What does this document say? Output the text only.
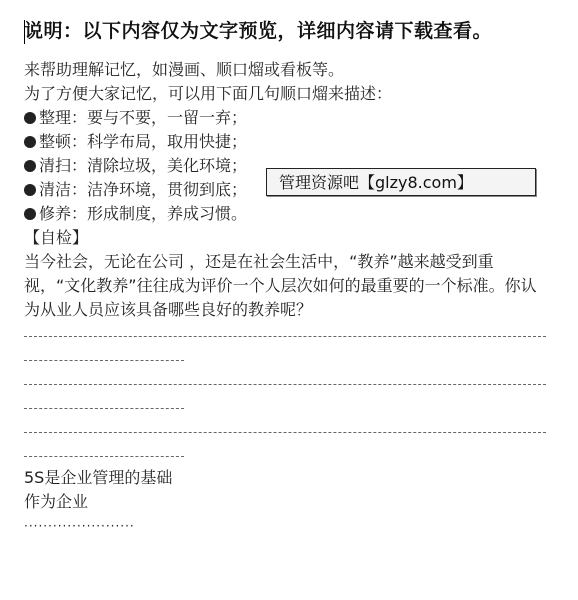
说明：以下内容仅为文字预览，详细内容请下载查看。
来帮助理解记忆，如漫画、顺口熘或看板等。
为了方便大家记忆，可以用下面几句顺口熘来描述：
整理：要与不要，一留一弃；
整顿：科学布局，取用快捷；
清扫：清除垃圾，美化环境；
清洁：洁净环境，贯彻到底；
修养：形成制度，养成习惯。
【自检】
当今社会，无论在公司 ，还是在社会生活中，“教养”越来越受到重视，“文化教养”往往成为评价一个人层次如何的最重要的一个标准。你认为从业人员应该具备哪些良好的教养呢？
5S是企业管理的基础
作为企业
·······················
管理资源吧【glzy8.com】
